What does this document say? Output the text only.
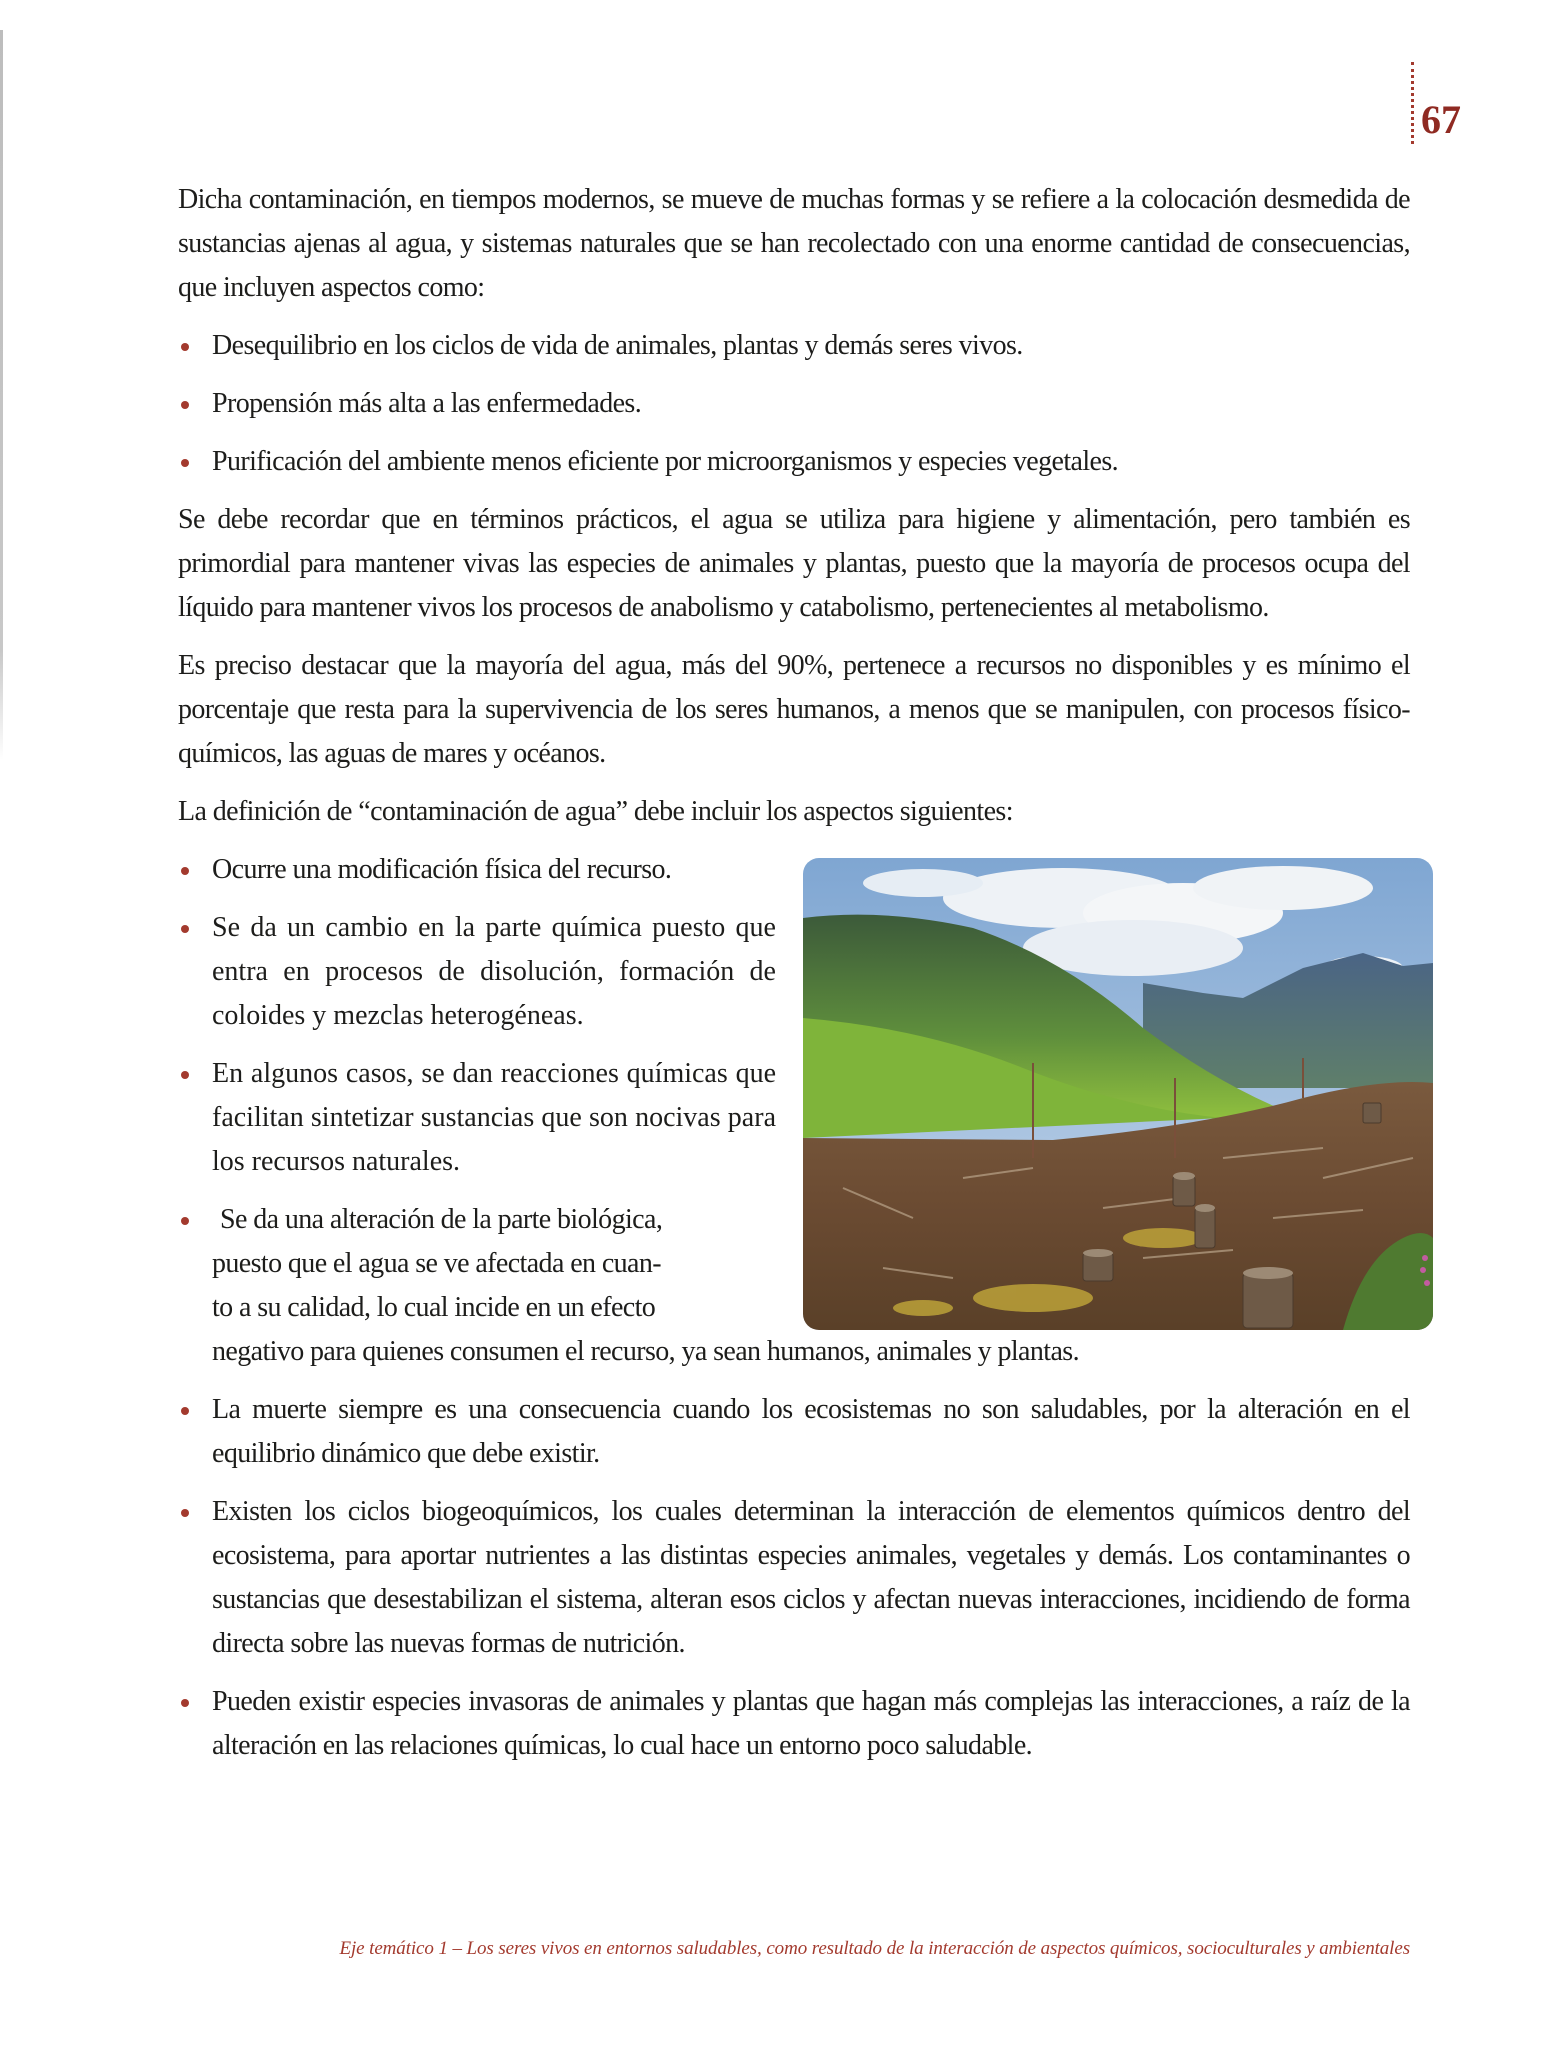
67

Dicha contaminación, en tiempos modernos, se mueve de muchas formas y se refiere a la colocación desmedida de sustancias ajenas al agua, y sistemas naturales que se han recolectado con una enorme cantidad de consecuencias, que incluyen aspectos como:

Desequilibrio en los ciclos de vida de animales, plantas y demás seres vivos.
Propensión más alta a las enfermedades.
Purificación del ambiente menos eficiente por microorganismos y especies vegetales.

Se debe recordar que en términos prácticos, el agua se utiliza para higiene y alimentación, pero también es primordial para mantener vivas las especies de animales y plantas, puesto que la mayoría de procesos ocupa del líquido para mantener vivos los procesos de anabolismo y catabolismo, pertenecientes al metabolismo.

Es preciso destacar que la mayoría del agua, más del 90%, pertenece a recursos no disponibles y es mínimo el porcentaje que resta para la supervivencia de los seres humanos, a menos que se manipulen, con procesos físico-químicos, las aguas de mares y océanos.

La definición de “contaminación de agua” debe incluir los aspectos siguientes:

Ocurre una modificación física del recurso.
Se da un cambio en la parte química puesto que entra en procesos de disolución, formación de coloides y mezclas heterogéneas.
En algunos casos, se dan reacciones químicas que facilitan sintetizar sustancias que son nocivas para los recursos naturales.
Se da una alteración de la parte biológica,
puesto que el agua se ve afectada en cuan-
to a su calidad, lo cual incide en un efecto
negativo para quienes consumen el recurso, ya sean humanos, animales y plantas.
La muerte siempre es una consecuencia cuando los ecosistemas no son saludables, por la alteración en el equilibrio dinámico que debe existir.
Existen los ciclos biogeoquímicos, los cuales determinan la interacción de elementos químicos dentro del ecosistema, para aportar nutrientes a las distintas especies animales, vegetales y demás. Los contaminantes o sustancias que desestabilizan el sistema, alteran esos ciclos y afectan nuevas interacciones, incidiendo de forma directa sobre las nuevas formas de nutrición.
Pueden existir especies invasoras de animales y plantas que hagan más complejas las interacciones, a raíz de la alteración en las relaciones químicas, lo cual hace un entorno poco saludable.
Eje temático 1 – Los seres vivos en entornos saludables, como resultado de la interacción de aspectos químicos, socioculturales y ambientales
